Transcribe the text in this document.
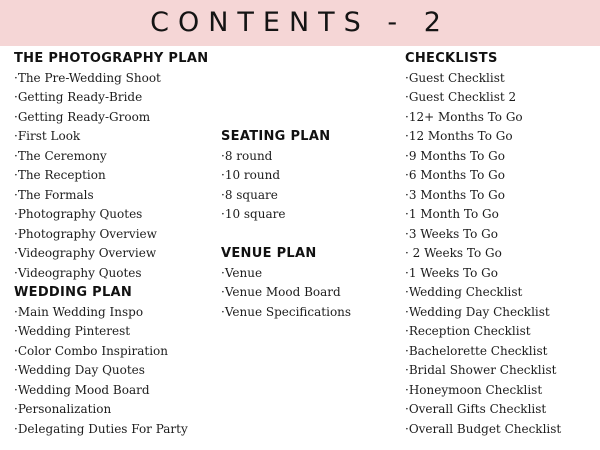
CONTENTS - 2
THE PHOTOGRAPHY PLAN
·The Pre-Wedding Shoot
·Getting Ready-Bride
·Getting Ready-Groom
·First Look
·The Ceremony
·The Reception
·The Formals
·Photography Quotes
·Photography Overview
·Videography Overview
·Videography Quotes
WEDDING PLAN
·Main Wedding Inspo
·Wedding Pinterest
·Color Combo Inspiration
·Wedding Day Quotes
·Wedding Mood Board
·Personalization
·Delegating Duties For Party
SEATING PLAN
·8 round
·10 round
·8 square
·10 square
VENUE PLAN
·Venue
·Venue Mood Board
·Venue Specifications
CHECKLISTS
·Guest Checklist
·Guest Checklist 2
·12+ Months To Go
·12 Months To Go
·9 Months To Go
·6 Months To Go
·3 Months To Go
·1 Month To Go
·3 Weeks To Go
· 2 Weeks To Go
·1 Weeks To Go
·Wedding Checklist
·Wedding Day Checklist
·Reception Checklist
·Bachelorette Checklist
·Bridal Shower Checklist
·Honeymoon Checklist
·Overall Gifts Checklist
·Overall Budget Checklist
